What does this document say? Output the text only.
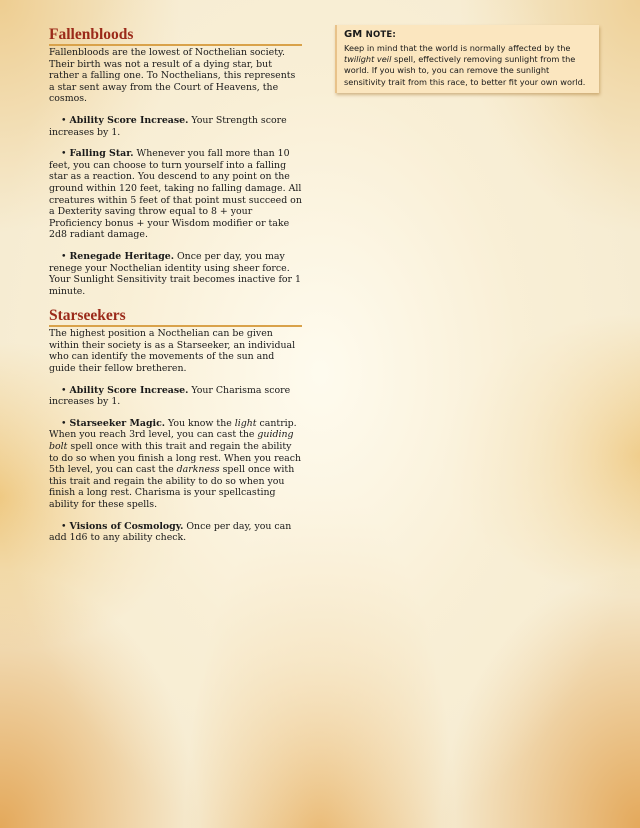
Fallenbloods

Fallenbloods are the lowest of Nocthelian society. Their birth was not a result of a dying star, but rather a falling one. To Nocthelians, this represents a star sent away from the Court of Heavens, the cosmos.

• Ability Score Increase. Your Strength score increases by 1.

• Falling Star. Whenever you fall more than 10 feet, you can choose to turn yourself into a falling star as a reaction. You descend to any point on the ground within 120 feet, taking no falling damage. All creatures within 5 feet of that point must succeed on a Dexterity saving throw equal to 8 + your Proficiency bonus + your Wisdom modifier or take 2d8 radiant damage.

• Renegade Heritage. Once per day, you may renege your Nocthelian identity using sheer force. Your Sunlight Sensitivity trait becomes inactive for 1 minute.

Starseekers

The highest position a Nocthelian can be given within their society is as a Starseeker, an individual who can identify the movements of the sun and guide their fellow bretheren.

• Ability Score Increase. Your Charisma score increases by 1.

• Starseeker Magic. You know the light cantrip. When you reach 3rd level, you can cast the guiding bolt spell once with this trait and regain the ability to do so when you finish a long rest. When you reach 5th level, you can cast the darkness spell once with this trait and regain the ability to do so when you finish a long rest. Charisma is your spellcasting ability for these spells.

• Visions of Cosmology. Once per day, you can add 1d6 to any ability check.

GM NOTE:

Keep in mind that the world is normally affected by the twilight veil spell, effectively removing sunlight from the world. If you wish to, you can remove the sunlight sensitivity trait from this race, to better fit your own world.
